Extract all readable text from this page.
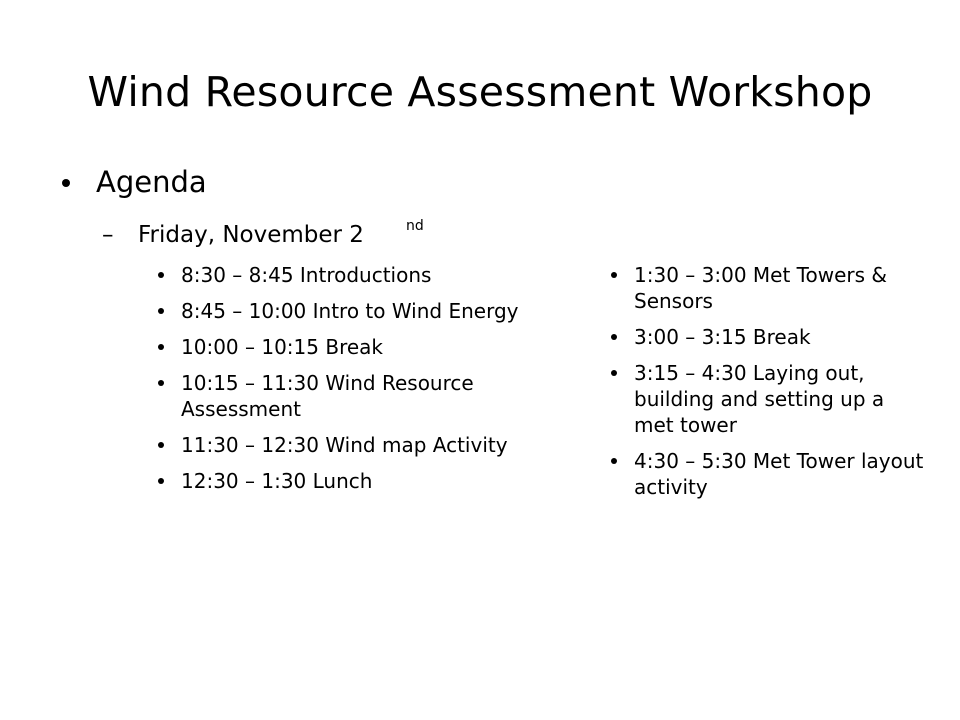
Wind Resource Assessment Workshop
Agenda
– Friday, November 2	nd
8:30 – 8:45 Introductions
8:45 – 10:00 Intro to Wind Energy
10:00 – 10:15 Break
10:15 – 11:30 Wind Resource Assessment
11:30 – 12:30 Wind map Activity
12:30 – 1:30 Lunch
1:30 – 3:00 Met Towers & Sensors
3:00 – 3:15 Break
3:15 – 4:30 Laying out, building and setting up a met tower
4:30 – 5:30 Met Tower layout activity
